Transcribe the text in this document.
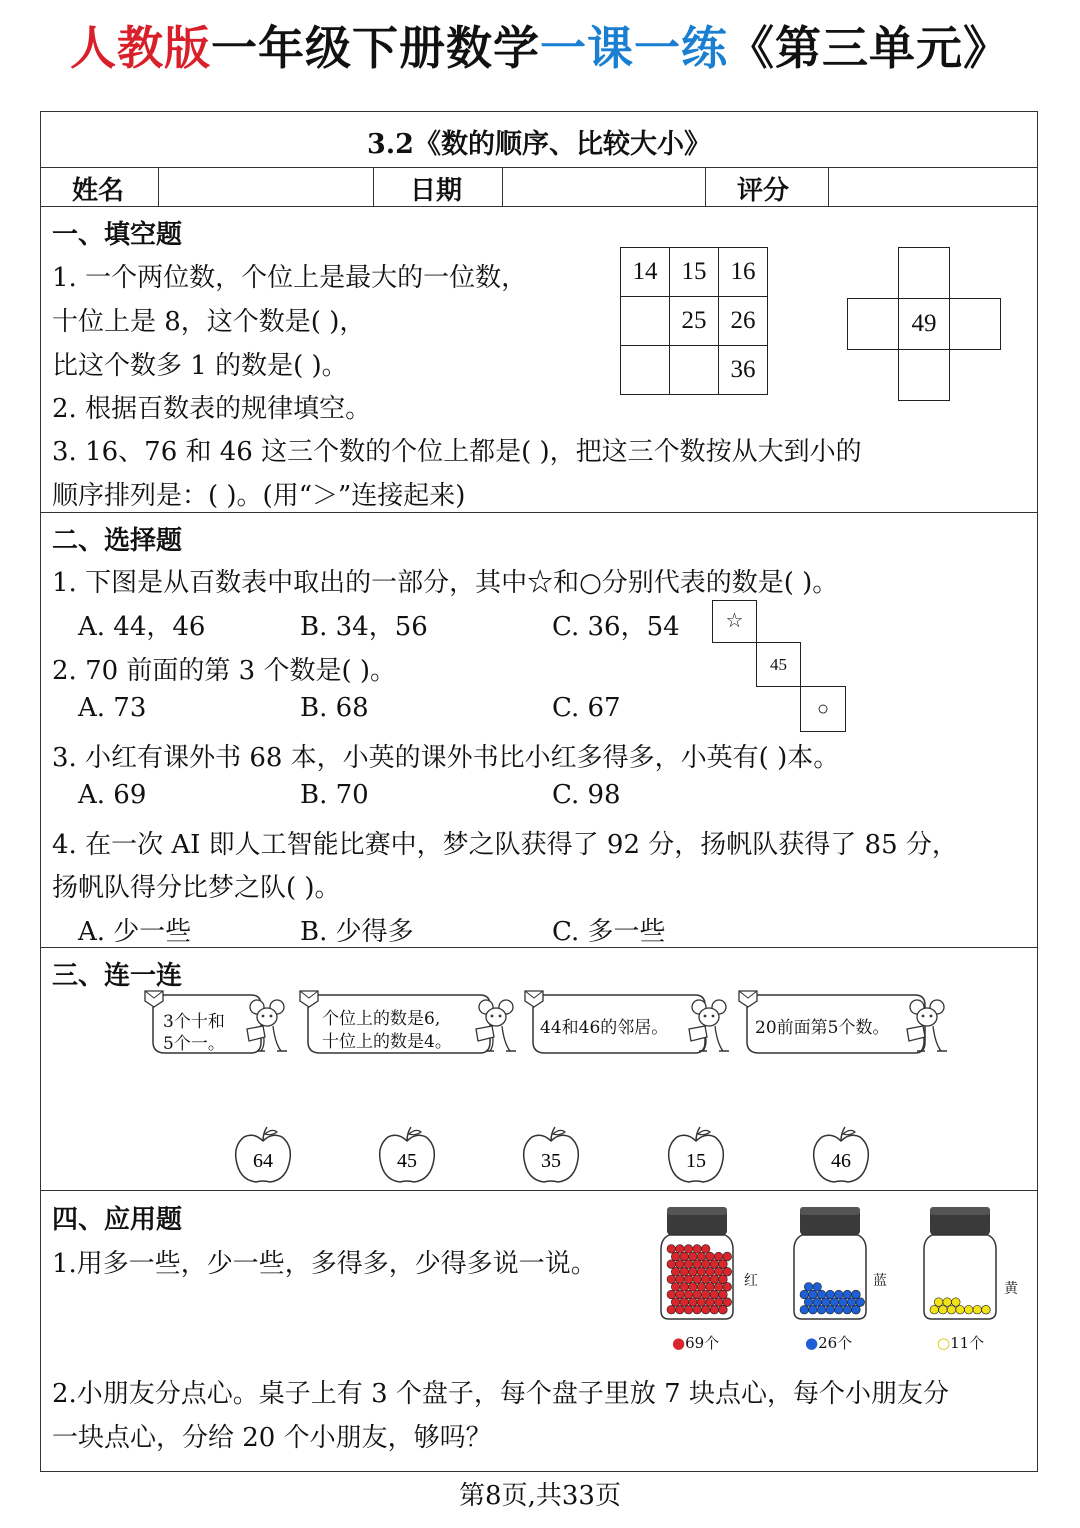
人教版一年级下册数学一课一练《第三单元》
3.2《数的顺序、比较大小》
姓名	日期	评分
一、填空题
1. 一个两位数，个位上是最大的一位数，
十位上是 8，这个数是( )，
比这个数多 1 的数是( )。
2. 根据百数表的规律填空。
3. 16、76 和 46 这三个数的个位上都是( )，把这三个数按从大到小的
顺序排列是：( )。(用“＞”连接起来)
14	15	16
	25	26
		36
49
二、选择题
1. 下图是从百数表中取出的一部分，其中☆和○分别代表的数是( )。
A. 44，46	B. 34，56	C. 36，54
2. 70 前面的第 3 个数是( )。
A. 73	B. 68	C. 67
☆
45
○
3. 小红有课外书 68 本，小英的课外书比小红多得多，小英有( )本。
A. 69	B. 70	C. 98
4. 在一次 AI 即人工智能比赛中，梦之队获得了 92 分，扬帆队获得了 85 分，
扬帆队得分比梦之队( )。
A. 少一些	B. 少得多	C. 多一些
三、连一连
3个十和
5个一。
个位上的数是6,
十位上的数是4。
44和46的邻居。	20前面第5个数。
64	45	35	15	46
四、应用题
1.用多一些，少一些，多得多，少得多说一说。
红
●69个
蓝
●26个
黄
○11个
2.小朋友分点心。桌子上有 3 个盘子，每个盘子里放 7 块点心，每个小朋友分
一块点心，分给 20 个小朋友，够吗？
第8页,共33页
